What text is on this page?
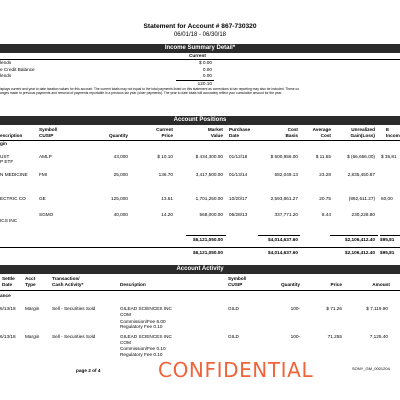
Statement for Account # 867-730320
06/01/18 - 06/30/18
Income Summary Detail*
Current
lends	$ 0.00
e Credit Balance	0.00
lends	0.00
120.10
isplays current and year to date taxation values for this account. The current totals may not equal to the total payments listed on this statement as corrections to tax reporting may also be included. These co
anges made to previous payments and removal of payments reportable in a previous tax year (older payments). The year to date totals will accurately reflect your cumulative amount for the year.
Account Positions
escription
Symbol/
CUSIP	Quantity
Current
Price
Market
Value
Purchase
Date
Cost
Basis
Average
Cost
Unrealized
Gain(Loss)
E
Incom
gin
UST
P ETF
AMLP	43,000	$ 10.10	$ 434,300.00 01/12/18	$ 500,956.00	$ 11.65	$ (66,656.00) $ 35,81
N MEDICINE FMI	25,000	136.70	3,417,500.00 01/13/14	582,049.13	23.28	2,835,450.87
ECTRIC CO	GE	125,000	13.61	1,701,250.00 10/20/17	2,593,861.27	20.75	(892,611.27) 60,00
ICS INC
SGMO	40,000	14.20	568,000.00 05/28/13	337,771.20	8.44	230,228.80
$6,121,050.00	$4,014,637.60	$2,106,412.40 $95,81
$6,121,050.00	$4,014,637.60	$2,106,412.40 $95,81
Account Activity
Settle
Date
Acct
Type
Transaction/
Cash Activity*	Description
Symbol/
CUSIP	Quantity	Price	Amount
ance
6/13/18 Margin	Sell - Securities Sold	GILEAD SCIENCES INC
COM
Commission/Fee 6.00
Regulatory Fee 0.10
GILD	100-	$ 71.26	$ 7,119.90
6/13/18 Margin	Sell - Securities Sold	GILEAD SCIENCES INC
COM
Commission/Fee 0.10
Regulatory Fee 0.10
GILD	100-	71.255	7,125.40
page 2 of 4	CONFIDENTIAL	SONY_GM_0001204
